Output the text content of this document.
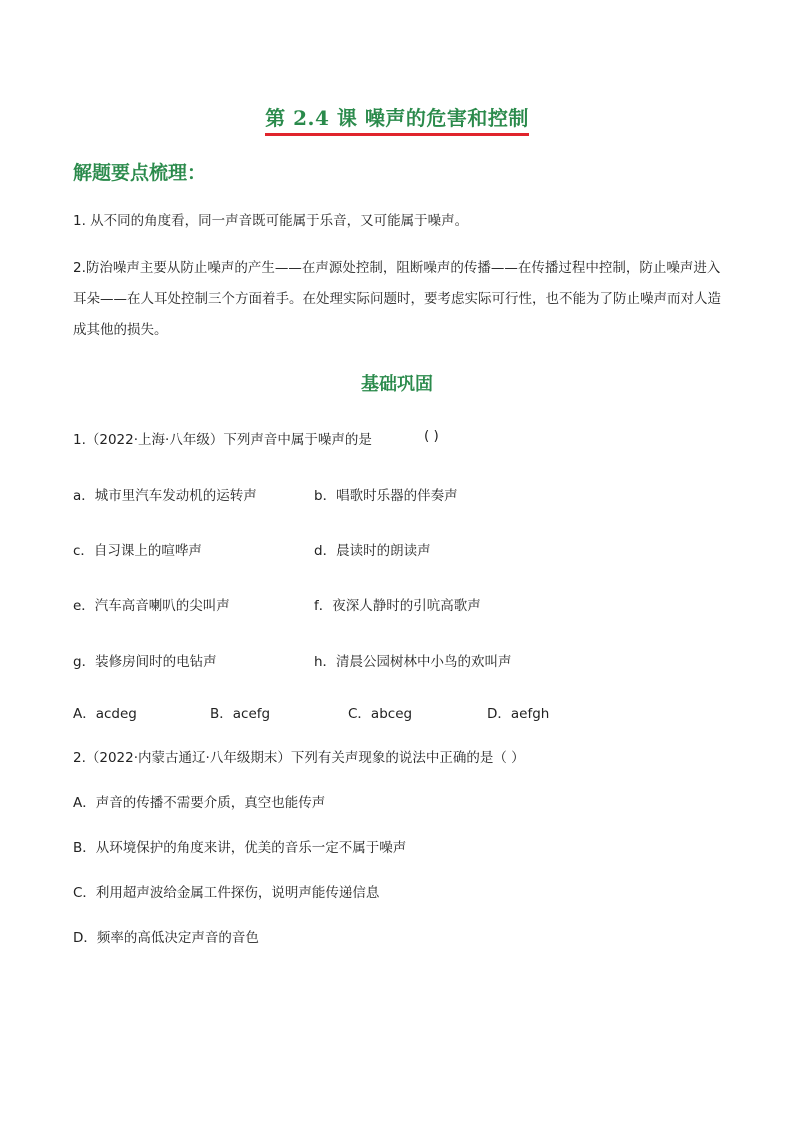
第 2.4 课 噪声的危害和控制
解题要点梳理：
1. 从不同的角度看，同一声音既可能属于乐音，又可能属于噪声。
2.防治噪声主要从防止噪声的产生——在声源处控制，阻断噪声的传播——在传播过程中控制，防止噪声进入耳朵——在人耳处控制三个方面着手。在处理实际问题时，要考虑实际可行性，也不能为了防止噪声而对人造成其他的损失。
基础巩固
1.（2022·上海·八年级）下列声音中属于噪声的是	( )
a．城市里汽车发动机的运转声	b．唱歌时乐器的伴奏声
c．自习课上的喧哗声	d．晨读时的朗读声
e．汽车高音喇叭的尖叫声	f．夜深人静时的引吭高歌声
g．装修房间时的电钻声	h．清晨公园树林中小鸟的欢叫声
A．acdeg	B．acefg	C．abceg	D．aefgh
2.（2022·内蒙古通辽·八年级期末）下列有关声现象的说法中正确的是（ ）
A．声音的传播不需要介质，真空也能传声
B．从环境保护的角度来讲，优美的音乐一定不属于噪声
C．利用超声波给金属工件探伤，说明声能传递信息
D．频率的高低决定声音的音色
